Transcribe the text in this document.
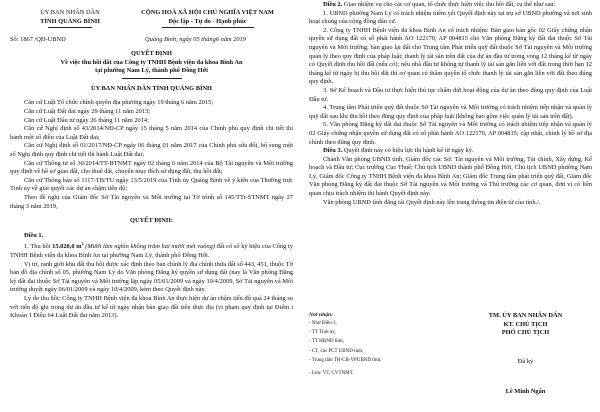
ỦY BAN NHÂN DÂN

TỈNH QUẢNG BÌNH

CỘNG HOÀ XÃ HỘI CHỦ NGHĨA VIỆT NAM

Độc lập - Tự do - Hạnh phúc

Số: 1867 /QĐ-UBND	Quảng Bình, ngày 05 tháng6 năm 2019

QUYẾT ĐỊNH

Về việc thu hồi đất của Công ty TNHH Bệnh viện đa khoa Bình An

tại phường Nam Lý, thành phố Đồng Hới

ỦY BAN NHÂN DÂN TỈNH QUẢNG BÌNH

Căn cứ Luật Tổ chức chính quyền địa phương ngày 19 tháng 6 năm 2015;

Căn cứ Luật Đất đai ngày 29 tháng 11 năm 2013;

Căn cứ Luật Đầu tư ngày 26 tháng 11 năm 2014;

Căn cứ Nghị định số 43/2014/NĐ-CP ngày 15 tháng 5 năm 2014 của Chính phủ quy định chi tiết thi hành một số điều của Luật Đất đai;

Căn cứ Nghị định số 01/2017/NĐ-CP ngày 06 tháng 01 năm 2017 của Chính phủ sửa đổi, bổ sung một số Nghị định quy định chi tiết thi hành Luật Đất đai;

Căn cứ Thông tư số 30/2014/TT-BTNMT ngày 02 tháng 6 năm 2014 của Bộ Tài nguyên và Môi trường quy định về hồ sơ giao đất, cho thuê đất, chuyển mục đích sử dụng đất, thu hồi đất;

Căn cứ Thông báo số 1117-TB/TU ngày 13/5/2019 của Tỉnh ủy Quảng Bình về ý kiến của Thường trực Tỉnh ủy về giải quyết các dự án chậm tiến độ;

Theo đề nghị của Giám đốc Sở Tài nguyên và Môi trường tại Tờ trình số 145/TTr-STNMT ngày 27 tháng 3 năm 2019,

QUYẾT ĐỊNH:

Điều 1.

1. Thu hồi 15.020,0 $m^2$ (Mười lăm nghìn không trăm hai mươi mét vuông) đất có số ký hiệu của Công ty TNHH Bệnh viện đa khoa Bình An tại phường Nam Lý, thành phố Đồng Hới.

Vị trí, ranh giới khu đất thu hồi được xác định theo bản chỉnh lý địa chính thửa đất số 443, 451, thuộc Tờ bản đồ địa chính số 05, phường Nam Lý do Văn phòng Đăng ký quyền sử dụng đất (nay là Văn phòng Đăng ký đất đai thuộc Sở Tài nguyên và Môi trường lập ngày 05/01/2009 và ngày 10/4/2009, Sở Tài nguyên và Môi trường duyệt ngày 06/01/2009 và ngày 10/4/2009, kèm theo Quyết định này.

Lý do thu hồi: Công ty TNHH Bệnh viện đa khoa Bình An thực hiện dự án chậm tiến độ quá 24 tháng so với tiến độ ghi trong dự án đầu tư kể từ ngày nhận bàn giao đất trên thực địa (vi phạm quy định tại Điểm i Khoản 1 Điều 64 Luật Đất đai năm 2013).

Điều 2. Giao nhiệm vụ cho các cơ quan, tổ chức thực hiện việc thu hồi đất, cụ thể như sau:

1. UBND phường Nam Lý có trách nhiệm niêm yết Quyết định này tại trụ sở UBND phường và nơi sinh hoạt chung của cộng đồng dân cư.

2. Công ty TNHH Bệnh viện đa khoa Bình An có trách nhiệm: Bàn giao bản gốc 02 Giấy chứng nhận quyền sử dụng đất có số phát hành AO 122170, AP 004815 cho Văn phòng Đăng ký đất đai thuộc Sở Tài nguyên và Môi trường; bàn giao lại đất cho Trung tâm Phát triển quỹ đất thuộc Sở Tài nguyên và Môi trường quản lý theo quy định của pháp luật; thanh lý tài sản trên đất của dự án đầu tư trong vòng 12 tháng kể từ ngày có Quyết định thu hồi đất (nếu có); nếu nhà đầu tư không tự thanh lý tài sản gắn liền với đất trong thời hạn 12 tháng kể từ ngày bị thu hồi đất thì cơ quan có thẩm quyền tổ chức thanh lý tài sản gắn liền với đất theo đúng quy định.

3. Sở Kế hoạch và Đầu tư thực hiện thủ tục chấm dứt hoạt động của dự án theo đúng quy định của Luật Đầu tư.

4. Trung tâm Phát triển quỹ đất thuộc Sở Tài nguyên và Môi trường có trách nhiệm tiếp nhận và quản lý quỹ đất sau khi thu hồi theo đúng quy định của pháp luật (không bao gồm việc quản lý tài sản trên đất).

5. Văn phòng Đăng ký đất đai thuộc Sở Tài nguyên và Môi trường có trách nhiệm tiếp nhận và quản lý 02 Giấy chứng nhận quyền sử dụng đất có số phát hành AO 122170, AP 004815; cập nhật, chỉnh lý hồ sơ địa chính theo đúng quy định.

Điều 3. Quyết định này có hiệu lực thi hành kể từ ngày ký.

Chánh Văn phòng UBND tỉnh, Giám đốc các Sở: Tài nguyên và Môi trường, Tài chính, Xây dựng, Kế hoạch và Đầu tư; Cục trưởng Cục Thuế; Chủ tịch UBND thành phố Đồng Hới, Chủ tịch UBND phường Nam Lý, Giám đốc Công ty TNHH Bệnh viện đa khoa Bình An; Giám đốc Trung tâm phát triển quỹ đất, Giám đốc Văn phòng Đăng ký đất đai thuộc Sở Tài nguyên và Môi trường và Thủ trưởng các cơ quan, đơn vị có liên quan chịu trách nhiệm thi hành Quyết định này.

Văn phòng UBND tỉnh đăng tải Quyết định này lên trang thông tin điện tử của tỉnh./.

Nơi nhận:

- Như Điều 3,

- TT Tỉnh ủy,

- TT HĐND tỉnh,

- CT, các PCT UBND tỉnh,

- Trung tâm TH-CB-VPUBND tỉnh;

- Lưu: VT, CVTNMT.

TM. ỦY BAN NHÂN DÂN

KT. CHỦ TỊCH

PHÓ CHỦ TỊCH

Đã ký

Lê Minh Ngân
